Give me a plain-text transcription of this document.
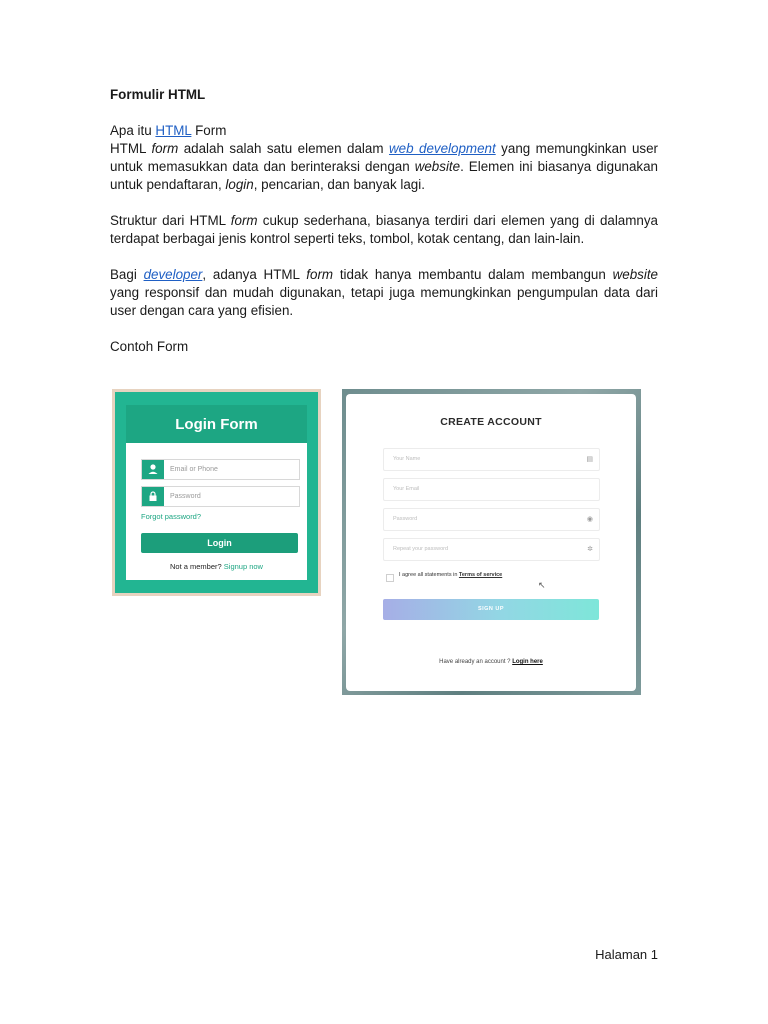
Formulir HTML

Apa itu HTML Form

HTML form adalah salah satu elemen dalam web development yang memungkinkan user untuk memasukkan data dan berinteraksi dengan website. Elemen ini biasanya digunakan untuk pendaftaran, login, pencarian, dan banyak lagi.

Struktur dari HTML form cukup sederhana, biasanya terdiri dari elemen yang di dalamnya terdapat berbagai jenis kontrol seperti teks, tombol, kotak centang, dan lain-lain.

Bagi developer, adanya HTML form tidak hanya membantu dalam membangun website yang responsif dan mudah digunakan, tetapi juga memungkinkan pengumpulan data dari user dengan cara yang efisien.

Contoh Form

Login Form
Email or Phone
Password
Forgot password?
Login
Not a member? Signup now
CREATE ACCOUNT
Your Name	▤
Your Email
Password	◉
Repeat your password	✲
I agree all statements in Terms of service
↖
SIGN UP
Have already an account ? Login here
Halaman 1
